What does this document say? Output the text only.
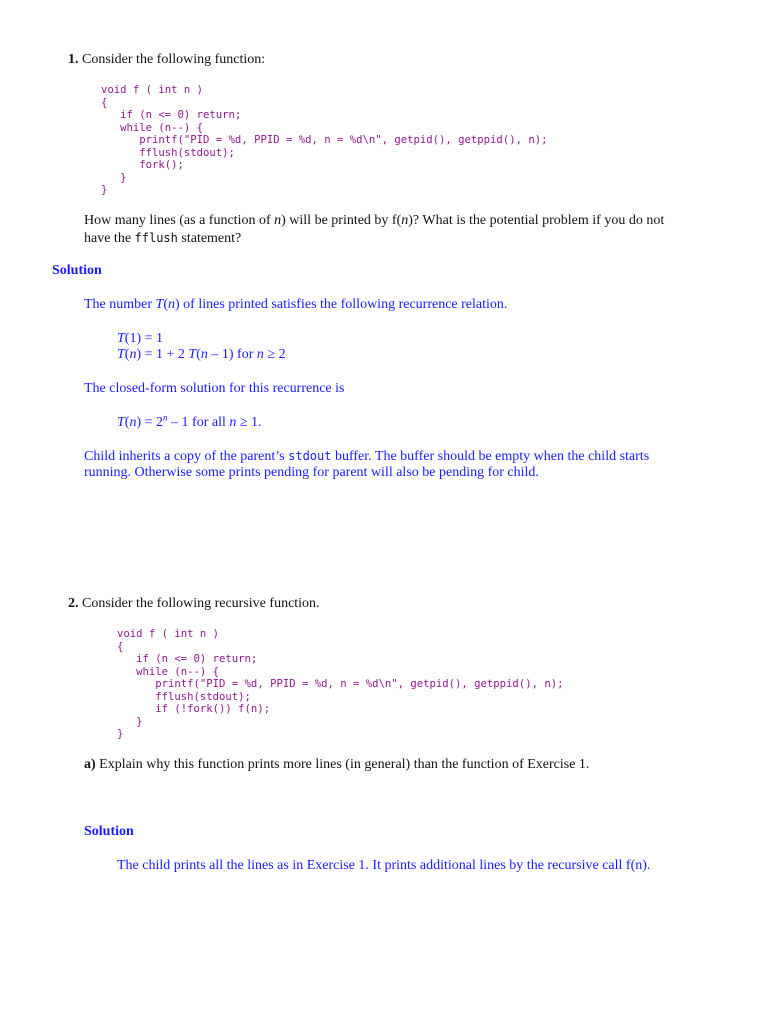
1. Consider the following function:
void f ( int n )
{
if (n <= 0) return;
while (n--) {
printf("PID = %d, PPID = %d, n = %d\n", getpid(), getppid(), n);
fflush(stdout);
fork();
}
}
How many lines (as a function of n) will be printed by f(n)? What is the potential problem if you do not
have the fflush statement?
Solution
The number T(n) of lines printed satisfies the following recurrence relation.
T(1) = 1
T(n) = 1 + 2 T(n – 1) for n ≥ 2
The closed-form solution for this recurrence is
$T(n) = 2^n - 1$ for all n ≥ 1.
Child inherits a copy of the parent’s stdout buffer. The buffer should be empty when the child starts
running. Otherwise some prints pending for parent will also be pending for child.
2. Consider the following recursive function.
void f ( int n )
{
if (n <= 0) return;
while (n--) {
printf("PID = %d, PPID = %d, n = %d\n", getpid(), getppid(), n);
fflush(stdout);
if (!fork()) f(n);
}
}
a) Explain why this function prints more lines (in general) than the function of Exercise 1.
Solution
The child prints all the lines as in Exercise 1. It prints additional lines by the recursive call f(n).
